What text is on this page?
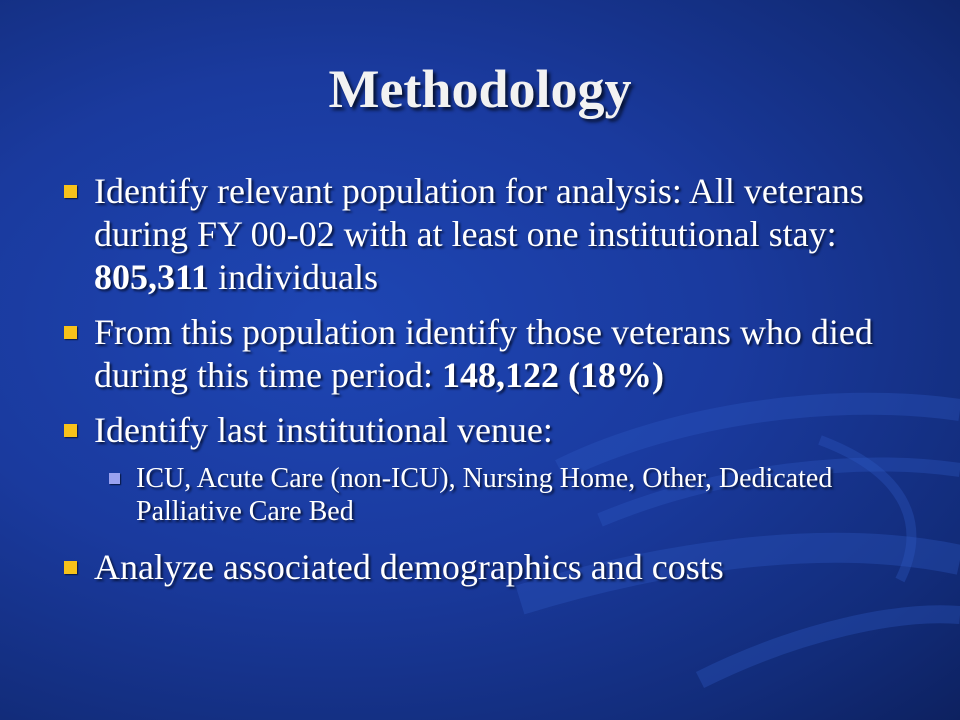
Methodology
Identify relevant population for analysis: All veterans during FY 00-02 with at least one institutional stay: 805,311 individuals
From this population identify those veterans who died during this time period: 148,122 (18%)
Identify last institutional venue:
ICU, Acute Care (non-ICU), Nursing Home, Other, Dedicated Palliative Care Bed
Analyze associated demographics and costs
